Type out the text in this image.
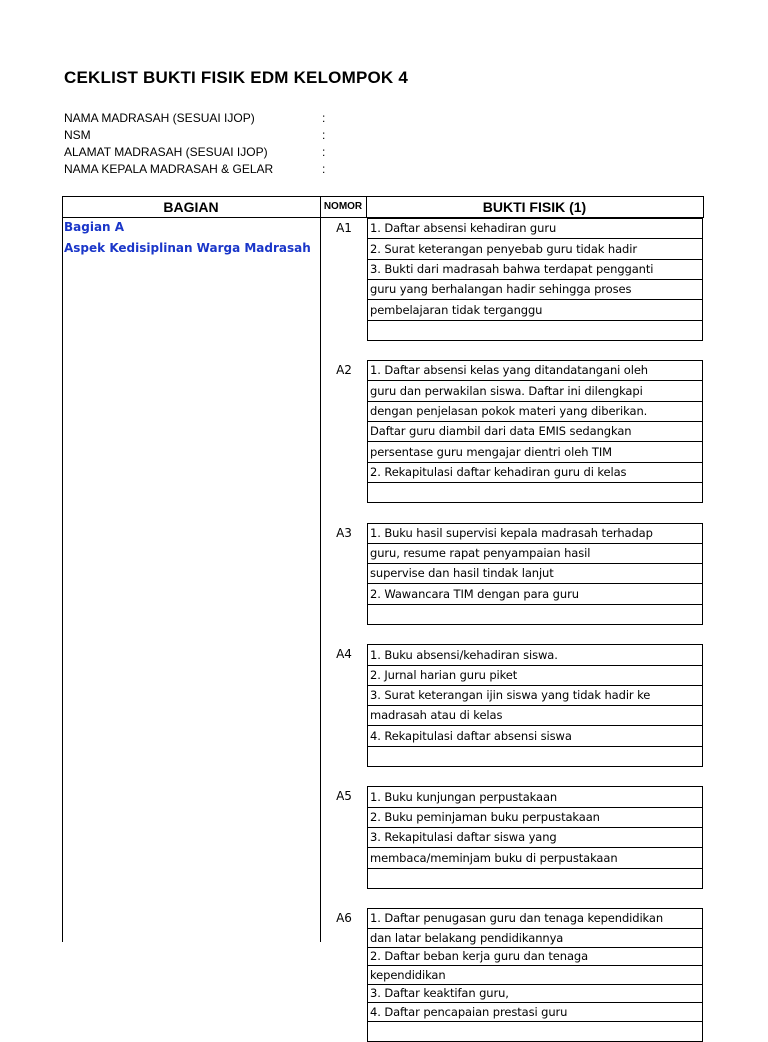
CEKLIST BUKTI FISIK EDM KELOMPOK 4
NAMA MADRASAH (SESUAI IJOP)	:
NSM	:
ALAMAT MADRASAH (SESUAI IJOP)	:
NAMA KEPALA MADRASAH & GELAR	:
BAGIAN	NOMOR	BUKTI FISIK (1)
Bagian A
Aspek Kedisiplinan Warga Madrasah
A1	1. Daftar absensi kehadiran guru
2. Surat keterangan penyebab guru tidak hadir
3. Bukti dari madrasah bahwa terdapat pengganti
guru yang berhalangan hadir sehingga proses
pembelajaran tidak terganggu
A2	1. Daftar absensi kelas yang ditandatangani oleh
guru dan perwakilan siswa. Daftar ini dilengkapi
dengan penjelasan pokok materi yang diberikan.
Daftar guru diambil dari data EMIS sedangkan
persentase guru mengajar dientri oleh TIM
2. Rekapitulasi daftar kehadiran guru di kelas
A3	1. Buku hasil supervisi kepala madrasah terhadap
guru, resume rapat penyampaian hasil
supervise dan hasil tindak lanjut
2. Wawancara TIM dengan para guru
A4	1. Buku absensi/kehadiran siswa.
2. Jurnal harian guru piket
3. Surat keterangan ijin siswa yang tidak hadir ke
madrasah atau di kelas
4. Rekapitulasi daftar absensi siswa
A5	1. Buku kunjungan perpustakaan
2. Buku peminjaman buku perpustakaan
3. Rekapitulasi daftar siswa yang
membaca/meminjam buku di perpustakaan
A6	1. Daftar penugasan guru dan tenaga kependidikan
dan latar belakang pendidikannya
2. Daftar beban kerja guru dan tenaga
kependidikan
3. Daftar keaktifan guru,
4. Daftar pencapaian prestasi guru
